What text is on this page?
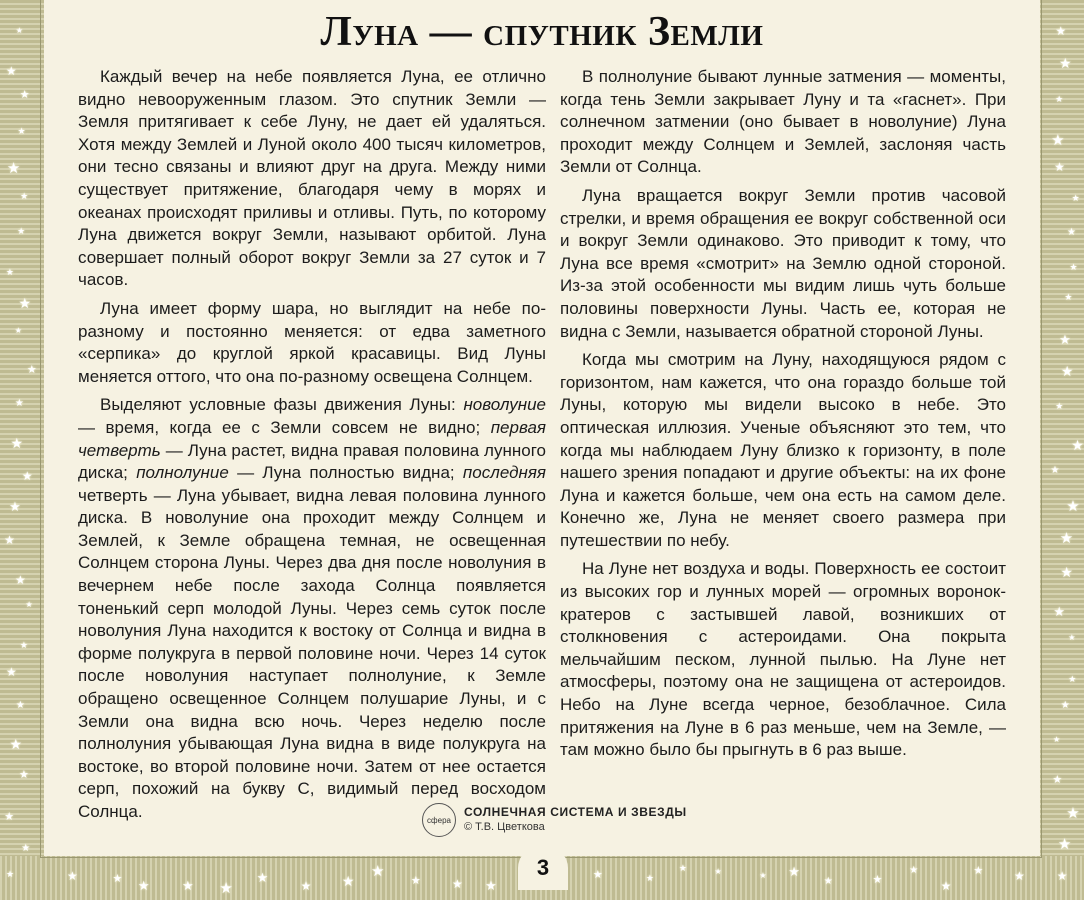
★	★
★	★
★	★
★	★
★	★
★	★
★	★
★
★
★	★
★
★
★	★
★	★
★	★
★	★
★	★
★	★
★	★
★
★
★
★
★
★
★	★
★	★
★	★
★	★
★	★
★	★
★	★
★ ★ ★
★
★ ★
★
★	★ ★
★	★
★	★	★ ★
★	★
★
★
★	★
Луна — спутник Земли

Каждый вечер на небе появляется Луна, ее отлично видно невооруженным глазом. Это спутник Земли — Земля притягивает к себе Луну, не дает ей удаляться. Хотя между Землей и Луной около 400 тысяч километров, они тесно связаны и влияют друг на друга. Между ними существует притяжение, благодаря чему в морях и океанах происходят приливы и отливы. Путь, по которому Луна движется вокруг Земли, называют орбитой. Луна совершает полный оборот вокруг Земли за 27 суток и 7 часов.

Луна имеет форму шара, но выглядит на небе по-разному и постоянно меняется: от едва заметного «серпика» до круглой яркой красавицы. Вид Луны меняется оттого, что она по-разному освещена Солнцем.

Выделяют условные фазы движения Луны: новолуние — время, когда ее с Земли совсем не видно; первая четверть — Луна растет, видна правая половина лунного диска; полнолуние — Луна полностью видна; последняя четверть — Луна убывает, видна левая половина лунного диска. В новолуние она проходит между Солнцем и Землей, к Земле обращена темная, не освещенная Солнцем сторона Луны. Через два дня после новолуния в вечернем небе после захода Солнца появляется тоненький серп молодой Луны. Через семь суток после новолуния Луна находится к востоку от Солнца и видна в форме полукруга в первой половине ночи. Через 14 суток после новолуния наступает полнолуние, к Земле обращено освещенное Солнцем полушарие Луны, и с Земли она видна всю ночь. Через неделю после полнолуния убывающая Луна видна в виде полукруга на востоке, во второй половине ночи. Затем от нее остается серп, похожий на букву С, видимый перед восходом Солнца.

В полнолуние бывают лунные затмения — моменты, когда тень Земли закрывает Луну и та «гаснет». При солнечном затмении (оно бывает в новолуние) Луна проходит между Солнцем и Землей, заслоняя часть Земли от Солнца.

Луна вращается вокруг Земли против часовой стрелки, и время обращения ее вокруг собственной оси и вокруг Земли одинаково. Это приводит к тому, что Луна все время «смотрит» на Землю одной стороной. Из-за этой особенности мы видим лишь чуть больше половины поверхности Луны. Часть ее, которая не видна с Земли, называется обратной стороной Луны.

Когда мы смотрим на Луну, находящуюся рядом с горизонтом, нам кажется, что она гораздо больше той Луны, которую мы видели высоко в небе. Это оптическая иллюзия. Ученые объясняют это тем, что когда мы наблюдаем Луну близко к горизонту, в поле нашего зрения попадают и другие объекты: на их фоне Луна и кажется больше, чем она есть на самом деле. Конечно же, Луна не меняет своего размера при путешествии по небу.

На Луне нет воздуха и воды. Поверхность ее состоит из высоких гор и лунных морей — огромных воронок-кратеров с застывшей лавой, возникших от столкновения с астероидами. Она покрыта мельчайшим песком, лунной пылью. На Луне нет атмосферы, поэтому она не защищена от астероидов. Небо на Луне всегда черное, безоблачное. Сила притяжения на Луне в 6 раз меньше, чем на Земле, — там можно было бы прыгнуть в 6 раз выше.

сфера
СОЛНЕЧНАЯ СИСТЕМА И ЗВЕЗДЫ
© Т.В. Цветкова
3
